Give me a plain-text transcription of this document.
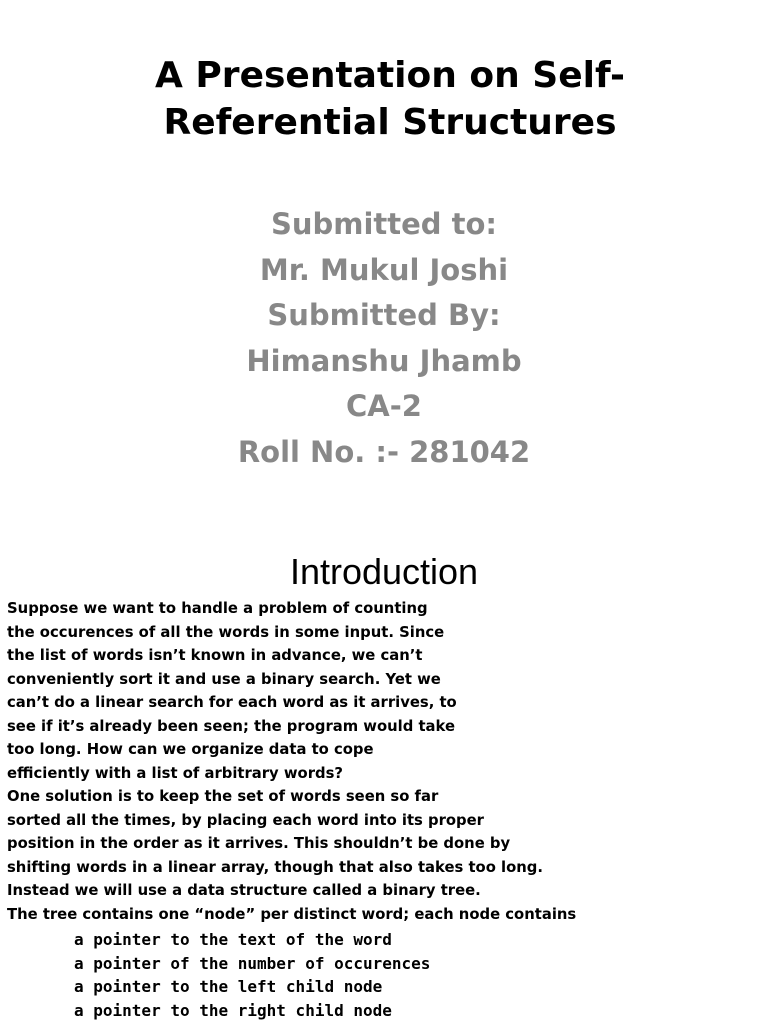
A Presentation on Self-
Referential Structures
Submitted to:
Mr. Mukul Joshi
Submitted By:
Himanshu Jhamb
CA-2
Roll No. :- 281042
Introduction
Suppose we want to handle a problem of counting
the occurences of all the words in some input. Since
the list of words isn’t known in advance, we can’t
conveniently sort it and use a binary search. Yet we
can’t do a linear search for each word as it arrives, to
see if it’s already been seen; the program would take
too long. How can we organize data to cope
efficiently with a list of arbitrary words?
One solution is to keep the set of words seen so far
sorted all the times, by placing each word into its proper
position in the order as it arrives. This shouldn’t be done by
shifting words in a linear array, though that also takes too long.
Instead we will use a data structure called a binary tree.
The tree contains one “node” per distinct word; each node contains
a pointer to the text of the word
a pointer of the number of occurences
a pointer to the left child node
a pointer to the right child node
